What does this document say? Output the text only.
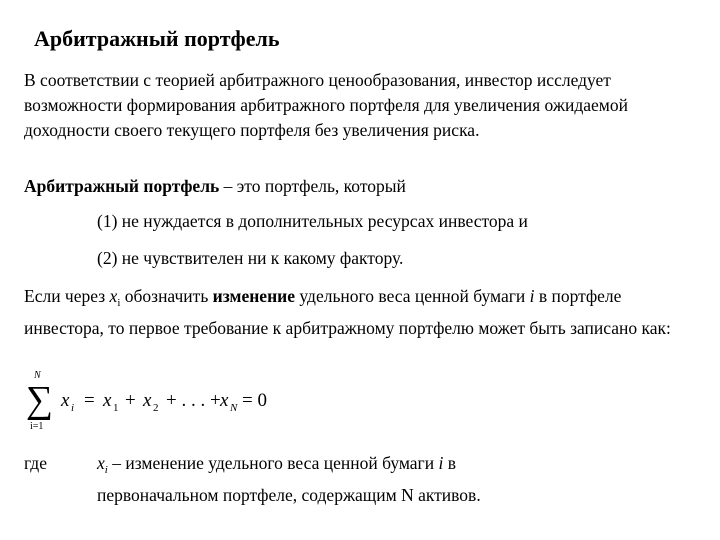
Арбитражный портфель

В соответствии с теорией арбитражного ценообразования, инвестор исследует возможности формирования арбитражного портфеля для увеличения ожидаемой доходности своего текущего портфеля без увеличения риска.

Арбитражный портфель – это портфель, который

(1) не нуждается в дополнительных ресурсах инвестора и
(2) не чувствителен ни к какому фактору.

Если через $x_i$ обозначить изменение удельного веса ценной бумаги i в портфеле инвестора, то первое требование к арбитражному портфелю может быть записано как:

N
∑
i=1
x i = x 1 + x 2 + . . . + x N = 0
где	$x_i$ – изменение удельного веса ценной бумаги i в первоначальном портфеле, содержащим N активов.
